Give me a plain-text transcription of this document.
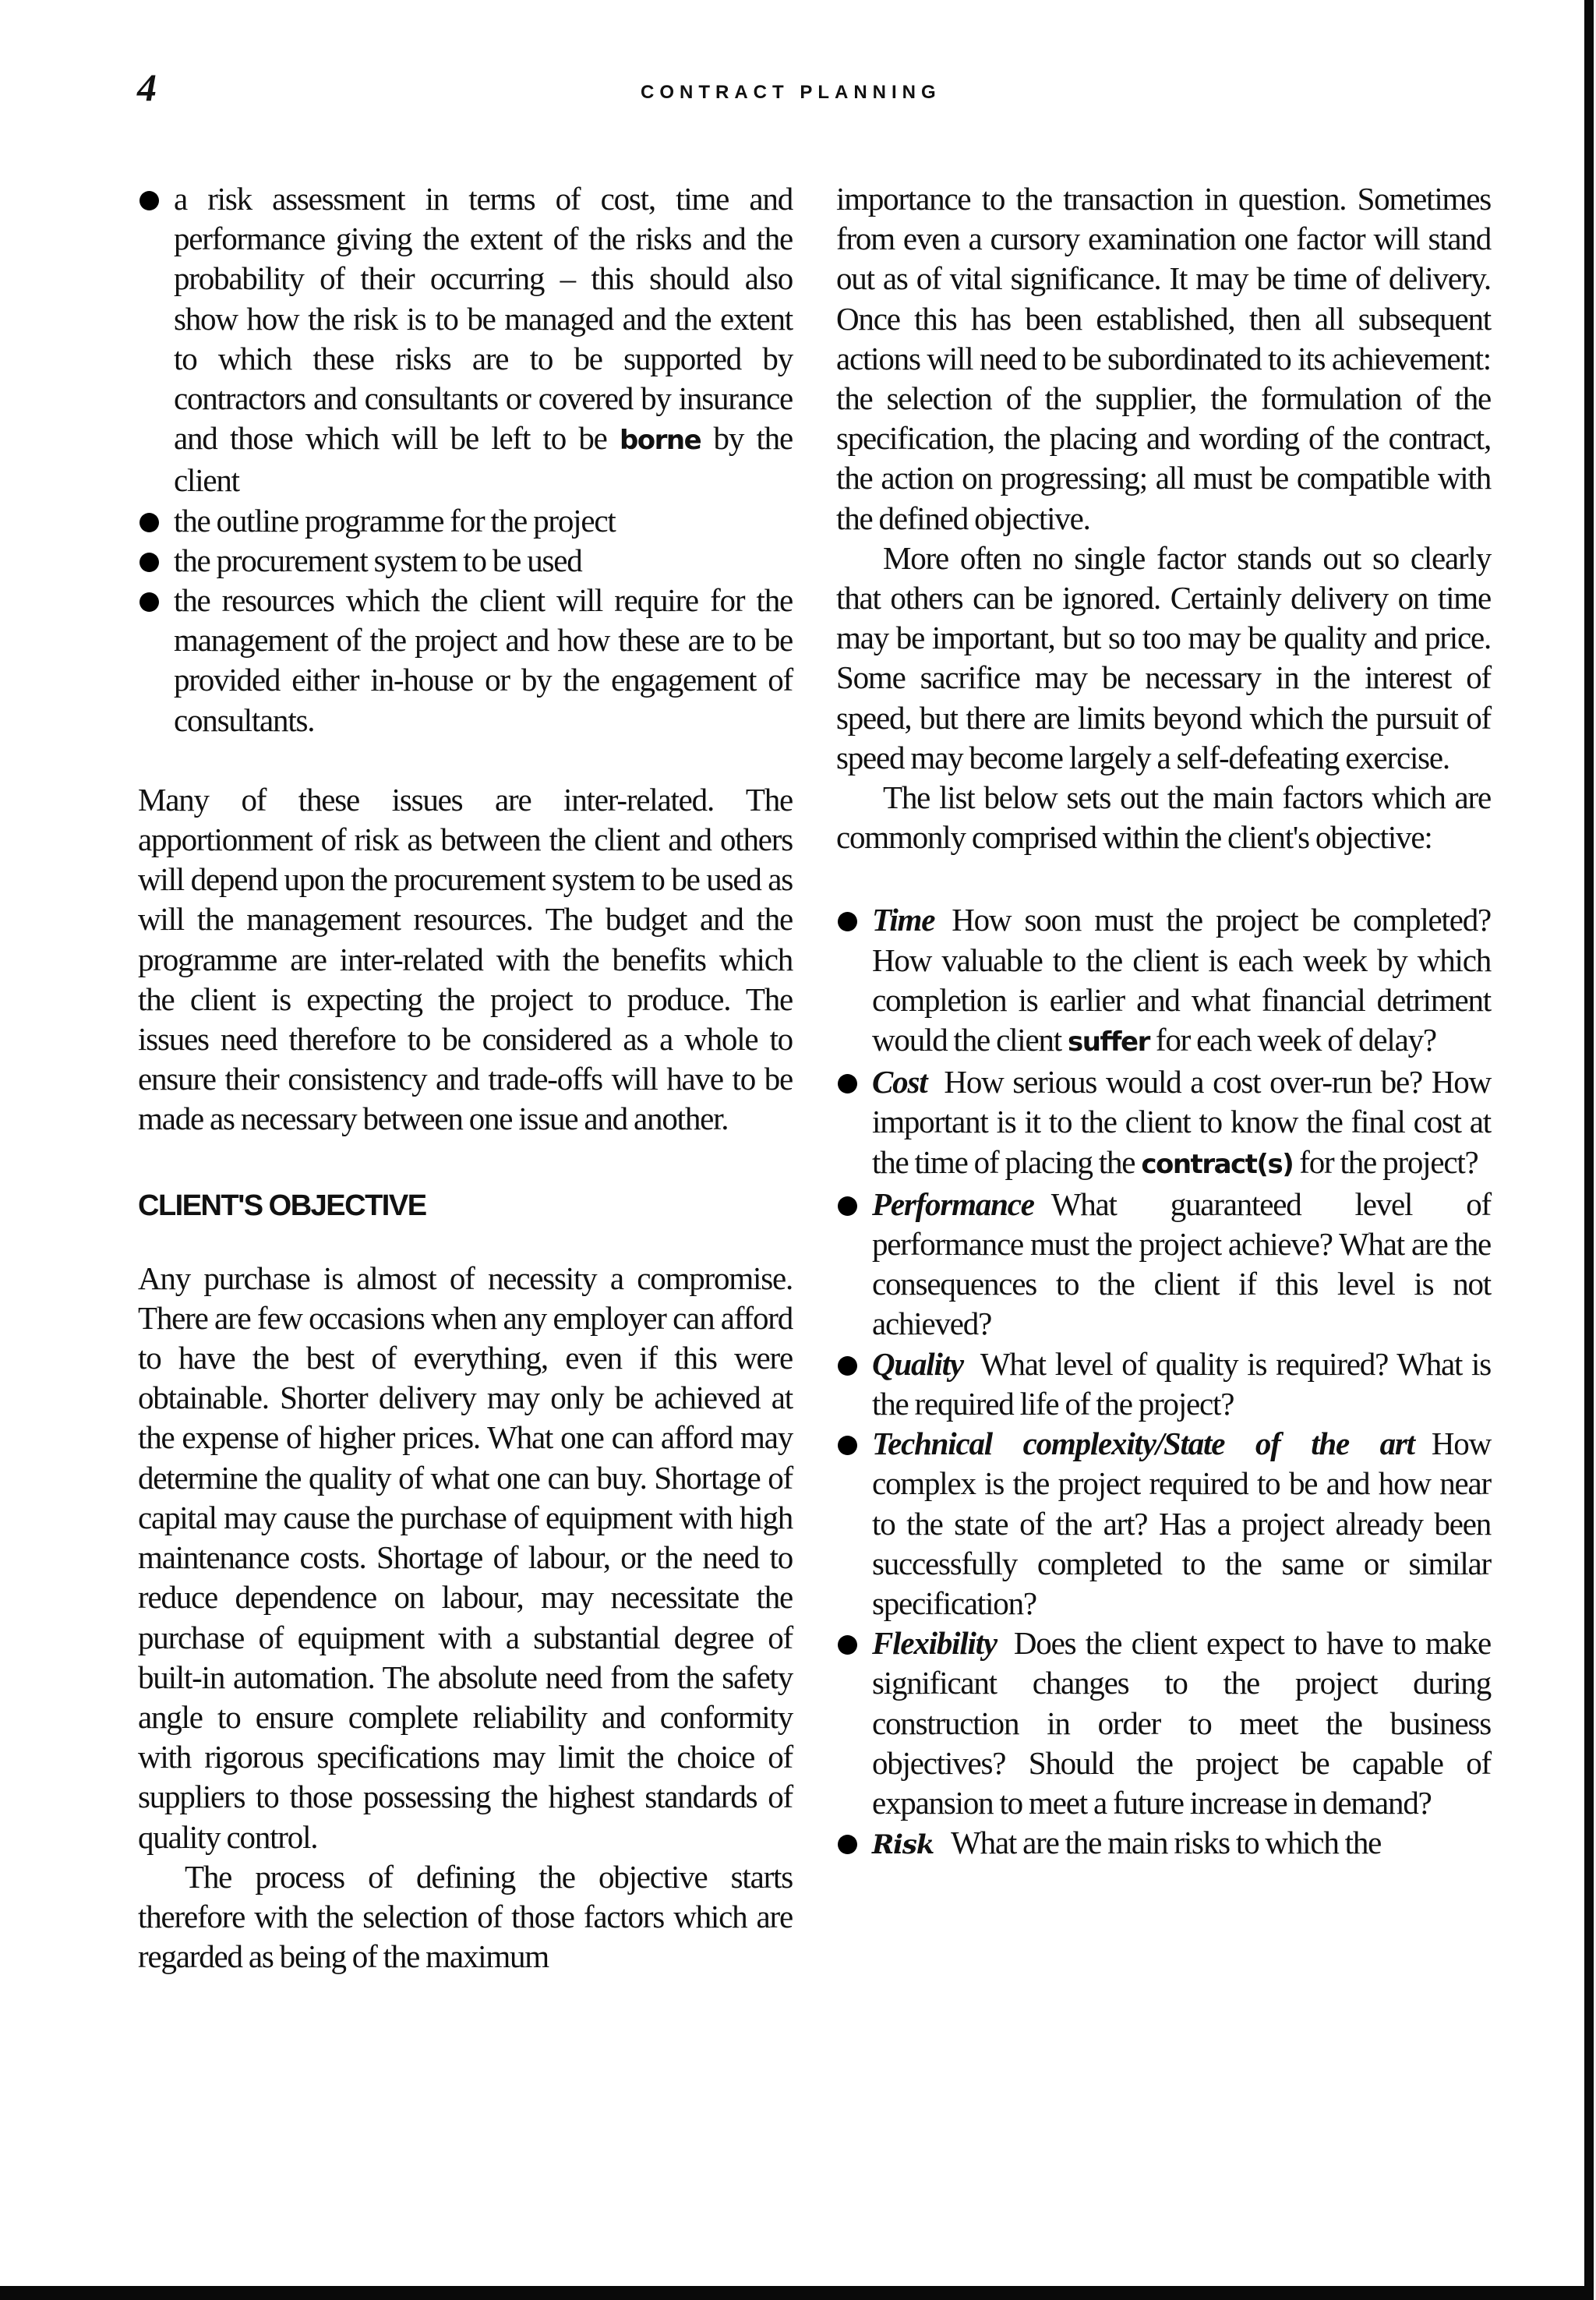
4	CONTRACT PLANNING
a risk assessment in terms of cost, time and performance giving the extent of the risks and the probability of their occurring – this should also show how the risk is to be managed and the extent to which these risks are to be supported by contractors and consultants or covered by insurance and those which will be left to be borne by the client
the outline programme for the project
the procurement system to be used
the resources which the client will require for the management of the project and how these are to be provided either in-house or by the engagement of consultants.

Many of these issues are inter-related. The apportionment of risk as between the client and others will depend upon the procurement system to be used as will the management resources. The budget and the programme are inter-related with the benefits which the client is expecting the project to produce. The issues need therefore to be considered as a whole to ensure their consistency and trade-offs will have to be made as necessary between one issue and another.

CLIENT'S OBJECTIVE

Any purchase is almost of necessity a compromise. There are few occasions when any employer can afford to have the best of everything, even if this were obtainable. Shorter delivery may only be achieved at the expense of higher prices. What one can afford may determine the quality of what one can buy. Shortage of capital may cause the purchase of equipment with high maintenance costs. Shortage of labour, or the need to reduce dependence on labour, may necessitate the purchase of equipment with a substantial degree of built-in automation. The absolute need from the safety angle to ensure complete reliability and conformity with rigorous specifications may limit the choice of suppliers to those possessing the highest standards of quality control.

The process of defining the objective starts therefore with the selection of those factors which are regarded as being of the maximum

importance to the transaction in question. Sometimes from even a cursory examination one factor will stand out as of vital significance. It may be time of delivery. Once this has been established, then all subsequent actions will need to be subordinated to its achievement: the selection of the supplier, the formulation of the specification, the placing and wording of the contract, the action on progressing; all must be compatible with the defined objective.

More often no single factor stands out so clearly that others can be ignored. Certainly delivery on time may be important, but so too may be quality and price. Some sacrifice may be necessary in the interest of speed, but there are limits beyond which the pursuit of speed may become largely a self-defeating exercise.

The list below sets out the main factors which are commonly comprised within the client's objective:

Time How soon must the project be completed? How valuable to the client is each week by which completion is earlier and what financial detriment would the client suffer for each week of delay?
Cost How serious would a cost over-run be? How important is it to the client to know the final cost at the time of placing the contract(s) for the project?
Performance What guaranteed level of performance must the project achieve? What are the consequences to the client if this level is not achieved?
Quality What level of quality is required? What is the required life of the project?
Technical complexity/State of the art How complex is the project required to be and how near to the state of the art? Has a project already been successfully completed to the same or similar specification?
Flexibility Does the client expect to have to make significant changes to the project during construction in order to meet the business objectives? Should the project be capable of expansion to meet a future increase in demand?
Risk What are the main risks to which the
